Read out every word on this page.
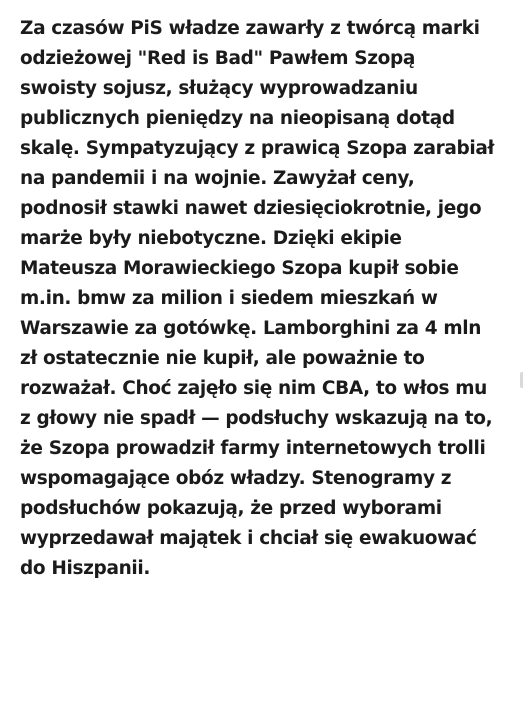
Za czasów PiS władze zawarły z twórcą marki
odzieżowej "Red is Bad" Pawłem Szopą
swoisty sojusz, służący wyprowadzaniu
publicznych pieniędzy na nieopisaną dotąd
skalę. Sympatyzujący z prawicą Szopa zarabiał
na pandemii i na wojnie. Zawyżał ceny,
podnosił stawki nawet dziesięciokrotnie, jego
marże były niebotyczne. Dzięki ekipie
Mateusza Morawieckiego Szopa kupił sobie
m.in. bmw za milion i siedem mieszkań w
Warszawie za gotówkę. Lamborghini za 4 mln
zł ostatecznie nie kupił, ale poważnie to
rozważał. Choć zajęło się nim CBA, to włos mu
z głowy nie spadł — podsłuchy wskazują na to,
że Szopa prowadził farmy internetowych trolli
wspomagające obóz władzy. Stenogramy z
podsłuchów pokazują, że przed wyborami
wyprzedawał majątek i chciał się ewakuować
do Hiszpanii.
